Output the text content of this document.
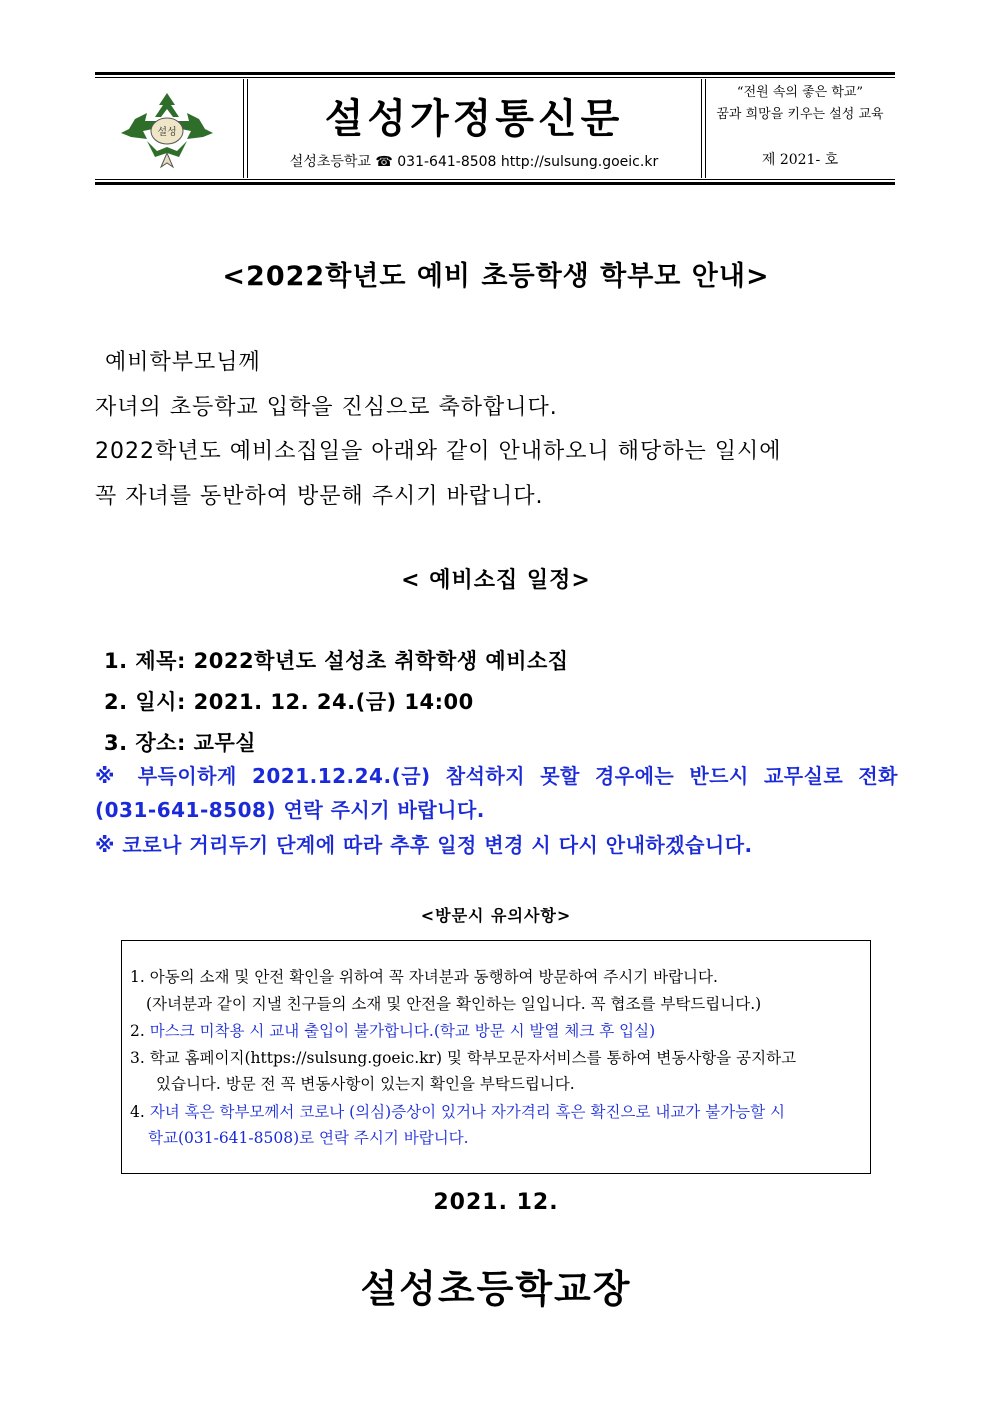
설성	설성가정통신문
설성초등학교 ☎ 031-641-8508 http://sulsung.goeic.kr
“전원 속의 좋은 학교”
꿈과 희망을 키우는 설성 교육
제 2021- 호
<2022학년도 예비 초등학생 학부모 안내>
예비학부모님께
자녀의 초등학교 입학을 진심으로 축하합니다.
2022학년도 예비소집일을 아래와 같이 안내하오니 해당하는 일시에
꼭 자녀를 동반하여 방문해 주시기 바랍니다.
< 예비소집 일정>
1. 제목: 2022학년도 설성초 취학학생 예비소집
2. 일시: 2021. 12. 24.(금) 14:00
3. 장소: 교무실
※ 부득이하게 2021.12.24.(금) 참석하지 못할 경우에는 반드시 교무실로 전화
(031-641-8508) 연락 주시기 바랍니다.
※ 코로나 거리두기 단계에 따라 추후 일정 변경 시 다시 안내하겠습니다.
<방문시 유의사항>
1. 아동의 소재 및 안전 확인을 위하여 꼭 자녀분과 동행하여 방문하여 주시기 바랍니다.
(자녀분과 같이 지낼 친구들의 소재 및 안전을 확인하는 일입니다. 꼭 협조를 부탁드립니다.)
2. 마스크 미착용 시 교내 출입이 불가합니다.(학교 방문 시 발열 체크 후 입실)
3. 학교 홈페이지(https://sulsung.goeic.kr) 및 학부모문자서비스를 통하여 변동사항을 공지하고
있습니다. 방문 전 꼭 변동사항이 있는지 확인을 부탁드립니다.
4. 자녀 혹은 학부모께서 코로나 (의심)증상이 있거나 자가격리 혹은 확진으로 내교가 불가능할 시
학교(031-641-8508)로 연락 주시기 바랍니다.
2021. 12.
설성초등학교장
